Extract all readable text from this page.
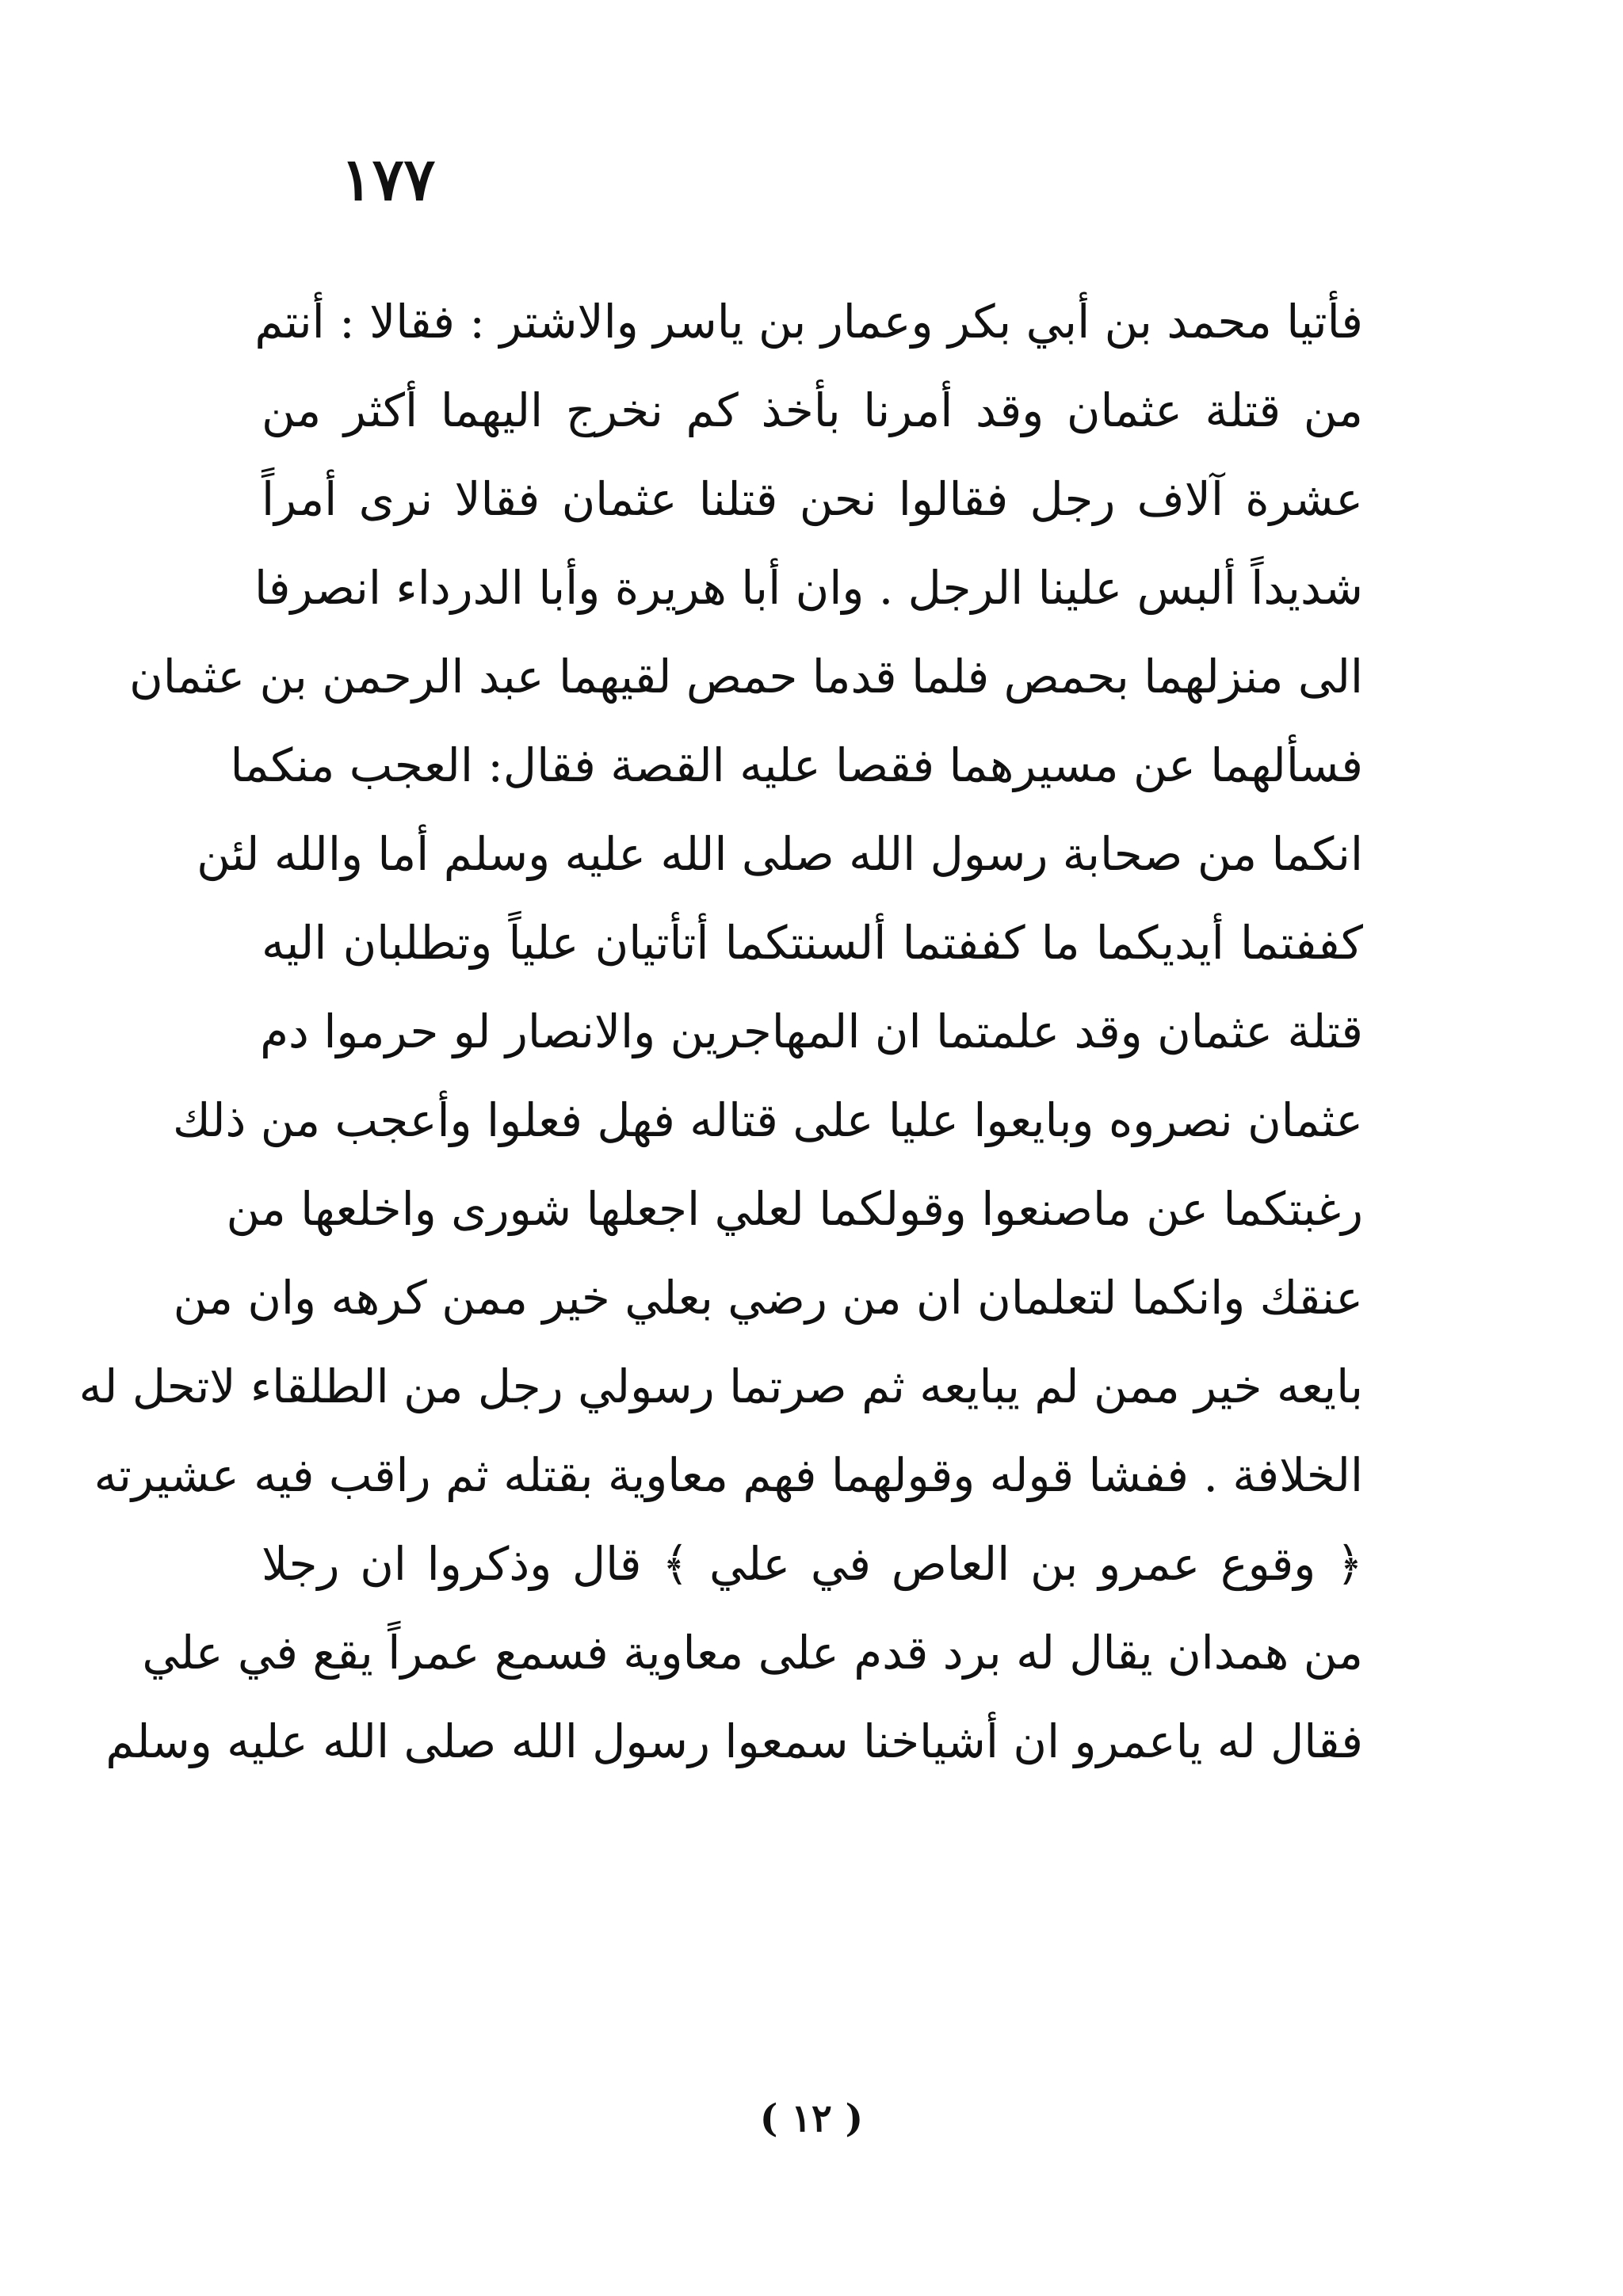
١٧٧
فأتيا محمد بن أبي بكر وعمار بن ياسر والاشتر : فقالا : أنتم
من قتلة عثمان وقد أمرنا بأخذ كم نخرج اليهما أكثر من
عشرة آلاف رجل فقالوا نحن قتلنا عثمان فقالا نرى أمراً
شديداً ألبس علينا الرجل . وان أبا هريرة وأبا الدرداء انصرفا
الى منزلهما بحمص فلما قدما حمص لقيهما عبد الرحمن بن عثمان
فسألهما عن مسيرهما فقصا عليه القصة فقال: العجب منكما
انكما من صحابة رسول الله صلى الله عليه وسلم أما والله لئن
كففتما أيديكما ما كففتما ألسنتكما أتأتيان علياً وتطلبان اليه
قتلة عثمان وقد علمتما ان المهاجرين والانصار لو حرموا دم
عثمان نصروه وبايعوا عليا على قتاله فهل فعلوا وأعجب من ذلك
رغبتكما عن ماصنعوا وقولكما لعلي اجعلها شورى واخلعها من
عنقك وانكما لتعلمان ان من رضي بعلي خير ممن كرهه وان من
بايعه خير ممن لم يبايعه ثم صرتما رسولي رجل من الطلقاء لاتحل له
الخلافة . ففشا قوله وقولهما فهم معاوية بقتله ثم راقب فيه عشيرته
﴿ وقوع عمرو بن العاص في علي ﴾ قال وذكروا ان رجلا
من همدان يقال له برد قدم على معاوية فسمع عمراً يقع في علي
فقال له ياعمرو ان أشياخنا سمعوا رسول الله صلى الله عليه وسلم
( ١٢ )
